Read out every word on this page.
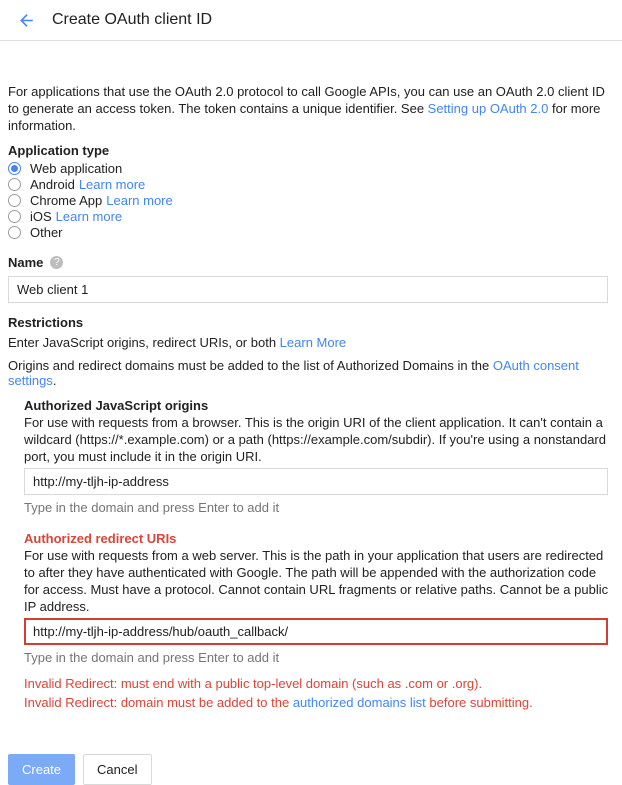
Create OAuth client ID

For applications that use the OAuth 2.0 protocol to call Google APIs, you can use an OAuth 2.0 client ID to generate an access token. The token contains a unique identifier. See Setting up OAuth 2.0 for more information.

Application type
Web application
Android Learn more
Chrome App Learn more
iOS Learn more
Other
Name	?
Web client 1
Restrictions
Enter JavaScript origins, redirect URIs, or both Learn More
Origins and redirect domains must be added to the list of Authorized Domains in the OAuth consent settings.
Authorized JavaScript origins
For use with requests from a browser. This is the origin URI of the client application. It can't contain a wildcard (https://*.example.com) or a path (https://example.com/subdir). If you're using a nonstandard port, you must include it in the origin URI.
http://my-tljh-ip-address
Type in the domain and press Enter to add it
Authorized redirect URIs
For use with requests from a web server. This is the path in your application that users are redirected to after they have authenticated with Google. The path will be appended with the authorization code for access. Must have a protocol. Cannot contain URL fragments or relative paths. Cannot be a public IP address.
http://my-tljh-ip-address/hub/oauth_callback/
Type in the domain and press Enter to add it
Invalid Redirect: must end with a public top-level domain (such as .com or .org).
Invalid Redirect: domain must be added to the authorized domains list before submitting.
Create	Cancel
